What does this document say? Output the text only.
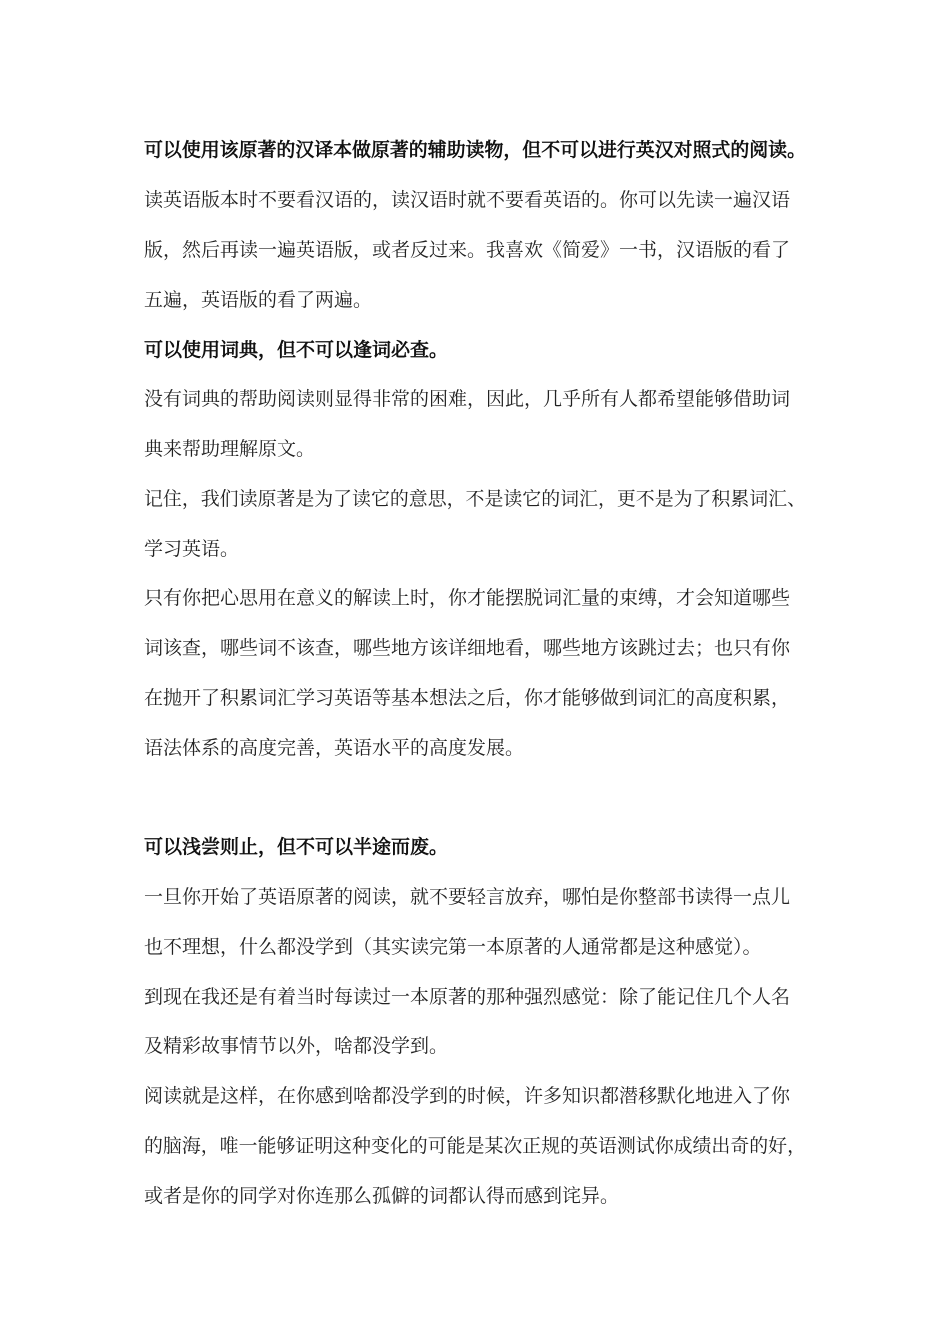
可以使用该原著的汉译本做原著的辅助读物，但不可以进行英汉对照式的阅读。
读英语版本时不要看汉语的，读汉语时就不要看英语的。你可以先读一遍汉语
版，然后再读一遍英语版，或者反过来。我喜欢《简爱》一书，汉语版的看了
五遍，英语版的看了两遍。
可以使用词典，但不可以逢词必查。
没有词典的帮助阅读则显得非常的困难，因此，几乎所有人都希望能够借助词
典来帮助理解原文。
记住，我们读原著是为了读它的意思，不是读它的词汇，更不是为了积累词汇、
学习英语。
只有你把心思用在意义的解读上时，你才能摆脱词汇量的束缚，才会知道哪些
词该查，哪些词不该查，哪些地方该详细地看，哪些地方该跳过去；也只有你
在抛开了积累词汇学习英语等基本想法之后，你才能够做到词汇的高度积累，
语法体系的高度完善，英语水平的高度发展。
可以浅尝则止，但不可以半途而废。
一旦你开始了英语原著的阅读，就不要轻言放弃，哪怕是你整部书读得一点儿
也不理想，什么都没学到（其实读完第一本原著的人通常都是这种感觉）。
到现在我还是有着当时每读过一本原著的那种强烈感觉：除了能记住几个人名
及精彩故事情节以外，啥都没学到。
阅读就是这样，在你感到啥都没学到的时候，许多知识都潜移默化地进入了你
的脑海，唯一能够证明这种变化的可能是某次正规的英语测试你成绩出奇的好，
或者是你的同学对你连那么孤僻的词都认得而感到诧异。
